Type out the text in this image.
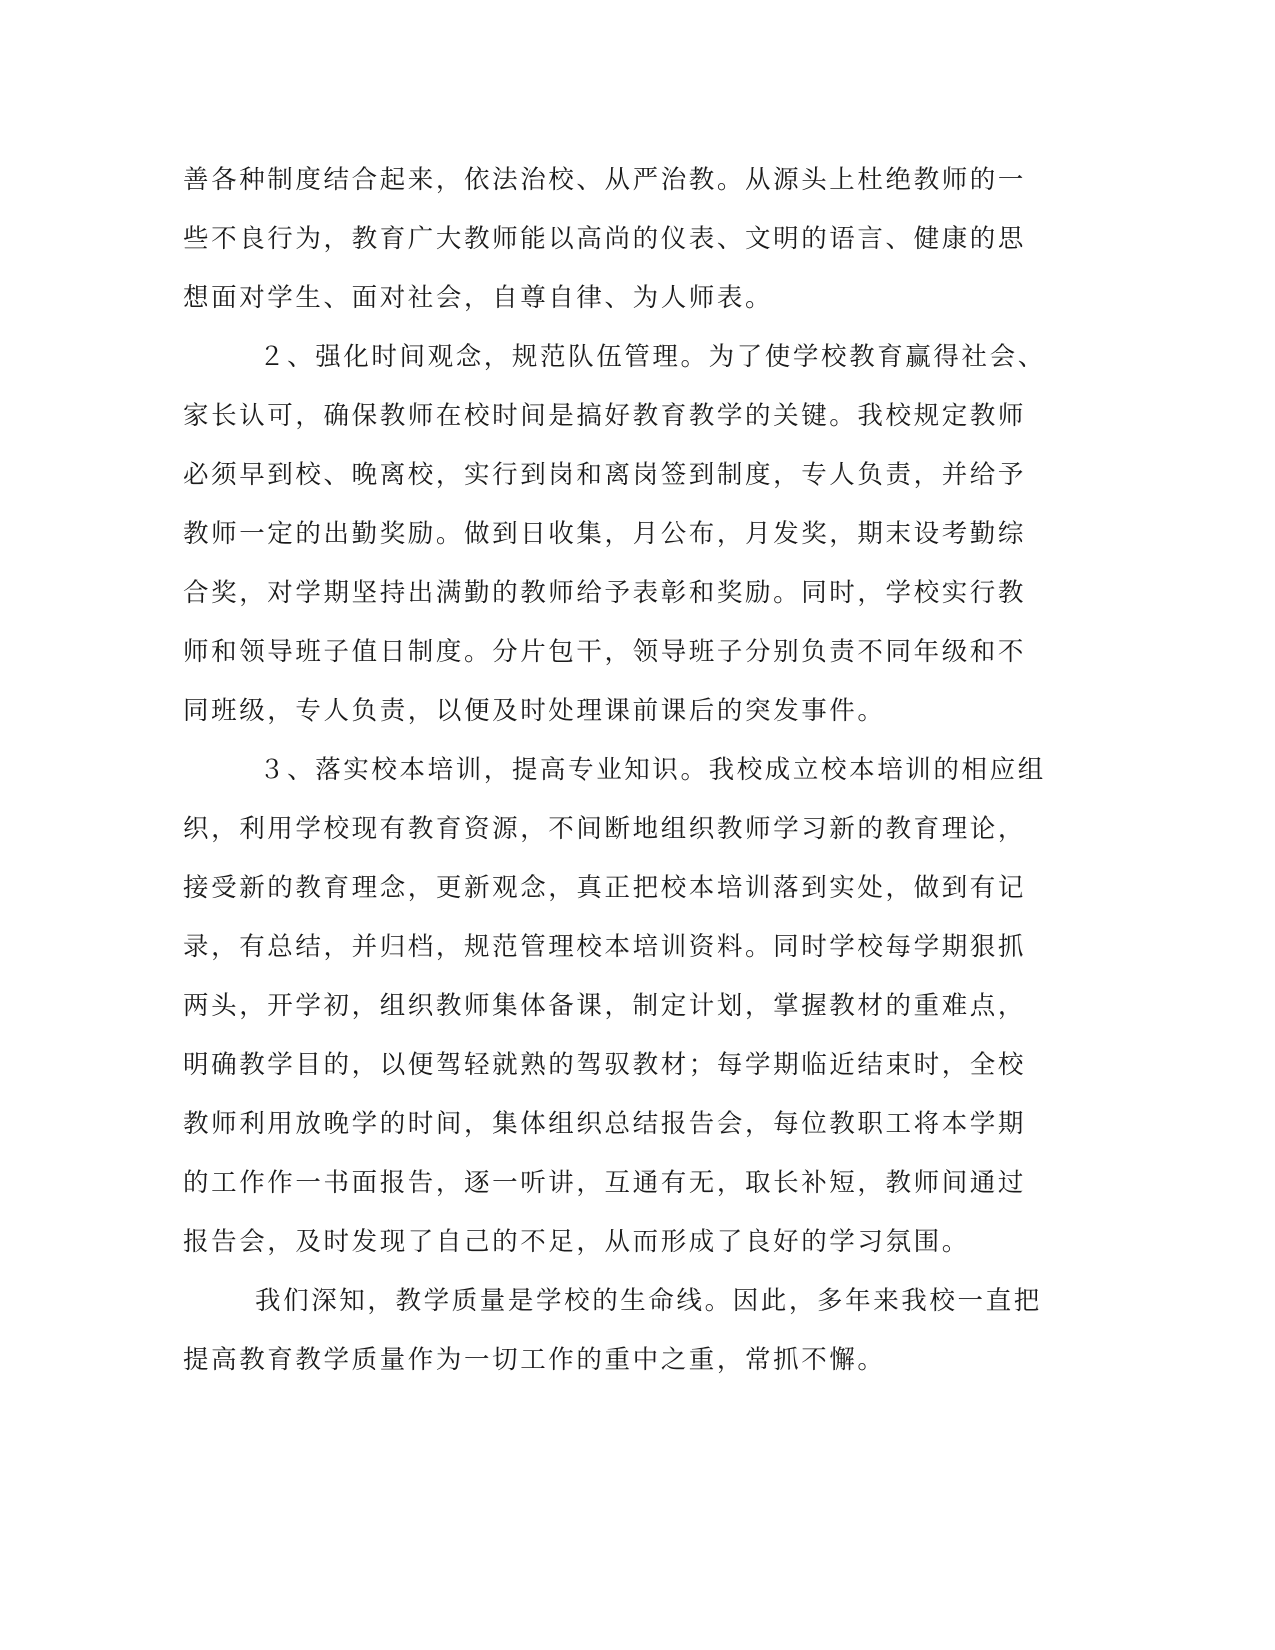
善各种制度结合起来，依法治校、从严治教。从源头上杜绝教师的一
些不良行为，教育广大教师能以高尚的仪表、文明的语言、健康的思
想面对学生、面对社会，自尊自律、为人师表。
２、强化时间观念，规范队伍管理。为了使学校教育赢得社会、
家长认可，确保教师在校时间是搞好教育教学的关键。我校规定教师
必须早到校、晚离校，实行到岗和离岗签到制度，专人负责，并给予
教师一定的出勤奖励。做到日收集，月公布，月发奖，期末设考勤综
合奖，对学期坚持出满勤的教师给予表彰和奖励。同时，学校实行教
师和领导班子值日制度。分片包干，领导班子分别负责不同年级和不
同班级，专人负责，以便及时处理课前课后的突发事件。
３、落实校本培训，提高专业知识。我校成立校本培训的相应组
织，利用学校现有教育资源，不间断地组织教师学习新的教育理论，
接受新的教育理念，更新观念，真正把校本培训落到实处，做到有记
录，有总结，并归档，规范管理校本培训资料。同时学校每学期狠抓
两头，开学初，组织教师集体备课，制定计划，掌握教材的重难点，
明确教学目的，以便驾轻就熟的驾驭教材；每学期临近结束时，全校
教师利用放晚学的时间，集体组织总结报告会，每位教职工将本学期
的工作作一书面报告，逐一听讲，互通有无，取长补短，教师间通过
报告会，及时发现了自己的不足，从而形成了良好的学习氛围。
我们深知，教学质量是学校的生命线。因此，多年来我校一直把
提高教育教学质量作为一切工作的重中之重，常抓不懈。
